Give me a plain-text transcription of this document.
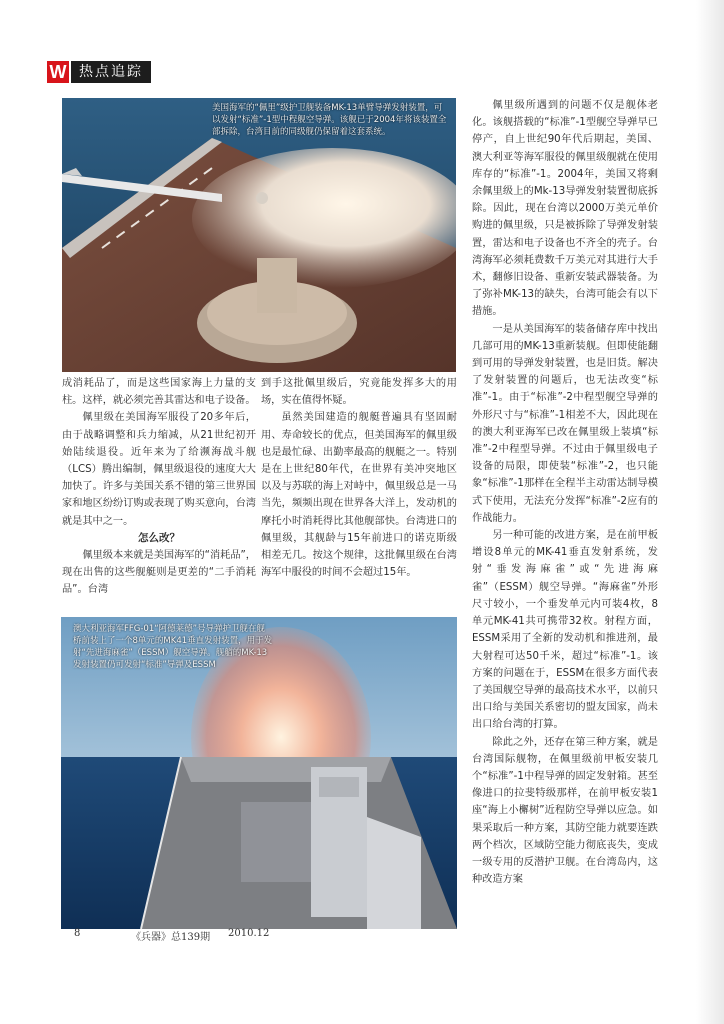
W 热点追踪
美国海军的“佩里”级护卫舰装备MK-13单臂导弹发射装置，可以发射“标准”-1型中程舰空导弹。该舰已于2004年将该装置全部拆除，台湾目前的同级舰仍保留着这套系统。

成消耗品了，而是这些国家海上力量的支柱。这样，就必须完善其雷达和电子设备。

佩里级在美国海军服役了20多年后，由于战略调整和兵力缩减，从21世纪初开始陆续退役。近年来为了给濒海战斗舰（LCS）腾出编制，佩里级退役的速度大大加快了。许多与美国关系不错的第三世界国家和地区纷纷订购或表现了购买意向，台湾就是其中之一。

怎么改？

佩里级本来就是美国海军的“消耗品”，现在出售的这些舰艇则是更差的“二手消耗品”。台湾

到手这批佩里级后，究竟能发挥多大的用场，实在值得怀疑。

虽然美国建造的舰艇普遍具有坚固耐用、寿命较长的优点，但美国海军的佩里级也是最忙碌、出勤率最高的舰艇之一。特别是在上世纪80年代，在世界有美冲突地区以及与苏联的海上对峙中，佩里级总是一马当先，频频出现在世界各大洋上，发动机的摩托小时消耗得比其他舰部快。台湾进口的佩里级，其舰龄与15年前进口的诺克斯级相差无几。按这个规律，这批佩里级在台湾海军中服役的时间不会超过15年。

佩里级所遇到的问题不仅是舰体老化。该舰搭载的“标准”-1型舰空导弹早已停产，自上世纪90年代后期起，美国、澳大利亚等海军服役的佩里级舰就在使用库存的“标准”-1。2004年，美国又将剩余佩里级上的Mk-13导弹发射装置彻底拆除。因此，现在台湾以2000万美元单价购进的佩里级，只是被拆除了导弹发射装置，雷达和电子设备也不齐全的壳子。台湾海军必须耗费数千万美元对其进行大手术，翻修旧设备、重新安装武器装备。为了弥补MK-13的缺失，台湾可能会有以下措施。

一是从美国海军的装备储存库中找出几部可用的MK-13重新装舰。但即使能翻到可用的导弹发射装置，也是旧货。解决了发射装置的问题后，也无法改变“标准”-1。由于“标准”-2中程型舰空导弹的外形尺寸与“标准”-1相差不大，因此现在的澳大利亚海军已改在佩里级上装填“标准”-2中程型导弹。不过由于佩里级电子设备的局限，即使装“标准”-2，也只能象“标准”-1那样在全程半主动雷达制导模式下使用，无法充分发挥“标准”-2应有的作战能力。

另一种可能的改进方案，是在前甲板增设8单元的MK-41垂直发射系统，发射“垂发海麻雀”或“先进海麻雀”（ESSM）舰空导弹。“海麻雀”外形尺寸较小，一个垂发单元内可装4枚，8单元MK-41共可携带32枚。射程方面，ESSM采用了全新的发动机和推进剂，最大射程可达50千米，超过“标准”-1。该方案的问题在于，ESSM在很多方面代表了美国舰空导弹的最高技术水平，以前只出口给与美国关系密切的盟友国家，尚未出口给台湾的打算。

除此之外，还存在第三种方案，就是台湾国际舰物，在佩里级前甲板安装几个“标准”-1中程导弹的固定发射箱。甚至像进口的拉斐特级那样，在前甲板安装1座“海上小檞树”近程防空导弹以应急。如果采取后一种方案，其防空能力就要连跌两个档次，区域防空能力彻底丧失，变成一级专用的反潜护卫舰。在台湾岛内，这种改造方案

澳大利亚海军FFG-01“阿德莱德”号导弹护卫舰在舰桥前装上了一个8单元的MK41垂直发射装置，用于发射“先进海麻雀”（ESSM）舰空导弹。舰艏的MK-13发射装置仍可发射“标准”导弹及ESSM
8	《兵器》总139期 2010.12
